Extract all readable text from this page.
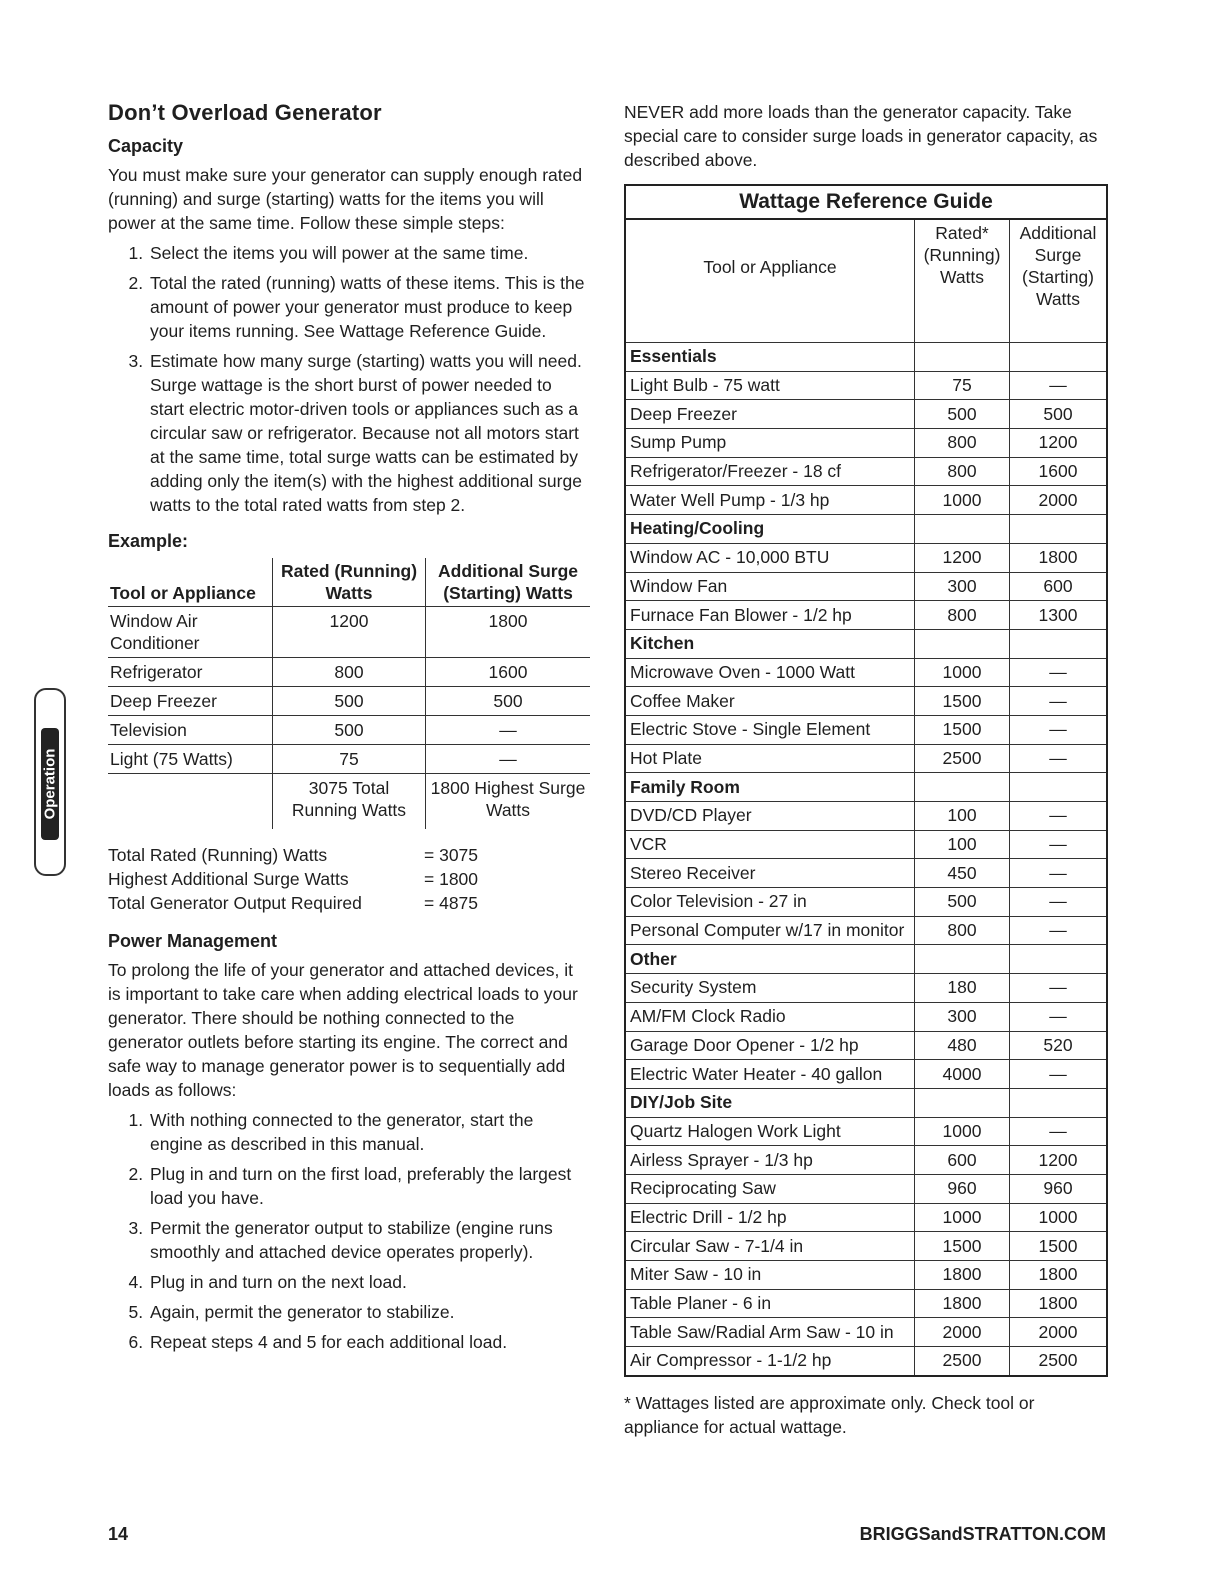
Don’t Overload Generator
Capacity

You must make sure your generator can supply enough rated (running) and surge (starting) watts for the items you will power at the same time. Follow these simple steps:

1. Select the items you will power at the same time.
2. Total the rated (running) watts of these items. This is the amount of power your generator must produce to keep your items running. See Wattage Reference Guide.
3. Estimate how many surge (starting) watts you will need. Surge wattage is the short burst of power needed to start electric motor-driven tools or appliances such as a circular saw or refrigerator. Because not all motors start at the same time, total surge watts can be estimated by adding only the item(s) with the highest additional surge watts to the total rated watts from step 2.
Example:
Tool or Appliance	Rated (Running) Watts	Additional Surge (Starting) Watts
Window Air Conditioner	1200	1800
Refrigerator	800	1600
Deep Freezer	500	500
Television	500	—
Light (75 Watts)	75	—
	3075 Total Running Watts	1800 Highest Surge Watts
Total Rated (Running) Watts	= 3075
Highest Additional Surge Watts	= 1800
Total Generator Output Required	= 4875
Power Management

To prolong the life of your generator and attached devices, it is important to take care when adding electrical loads to your generator. There should be nothing connected to the generator outlets before starting its engine. The correct and safe way to manage generator power is to sequentially add loads as follows:

1. With nothing connected to the generator, start the engine as described in this manual.
2. Plug in and turn on the first load, preferably the largest load you have.
3. Permit the generator output to stabilize (engine runs smoothly and attached device operates properly).
4. Plug in and turn on the next load.
5. Again, permit the generator to stabilize.
6. Repeat steps 4 and 5 for each additional load.

NEVER add more loads than the generator capacity. Take special care to consider surge loads in generator capacity, as described above.

Wattage Reference Guide
Tool or Appliance	Rated* (Running) Watts	Additional Surge (Starting) Watts
Essentials		
Light Bulb - 75 watt	75	—
Deep Freezer	500	500
Sump Pump	800	1200
Refrigerator/Freezer - 18 cf	800	1600
Water Well Pump - 1/3 hp	1000	2000
Heating/Cooling		
Window AC - 10,000 BTU	1200	1800
Window Fan	300	600
Furnace Fan Blower - 1/2 hp	800	1300
Kitchen		
Microwave Oven - 1000 Watt	1000	—
Coffee Maker	1500	—
Electric Stove - Single Element	1500	—
Hot Plate	2500	—
Family Room		
DVD/CD Player	100	—
VCR	100	—
Stereo Receiver	450	—
Color Television - 27 in	500	—
Personal Computer w/17 in monitor	800	—
Other		
Security System	180	—
AM/FM Clock Radio	300	—
Garage Door Opener - 1/2 hp	480	520
Electric Water Heater - 40 gallon	4000	—
DIY/Job Site		
Quartz Halogen Work Light	1000	—
Airless Sprayer - 1/3 hp	600	1200
Reciprocating Saw	960	960
Electric Drill - 1/2 hp	1000	1000
Circular Saw - 7-1/4 in	1500	1500
Miter Saw - 10 in	1800	1800
Table Planer - 6 in	1800	1800
Table Saw/Radial Arm Saw - 10 in	2000	2000
Air Compressor - 1-1/2 hp	2500	2500
* Wattages listed are approximate only. Check tool or appliance for actual wattage.
Operation
14	BRIGGSandSTRATTON.COM
